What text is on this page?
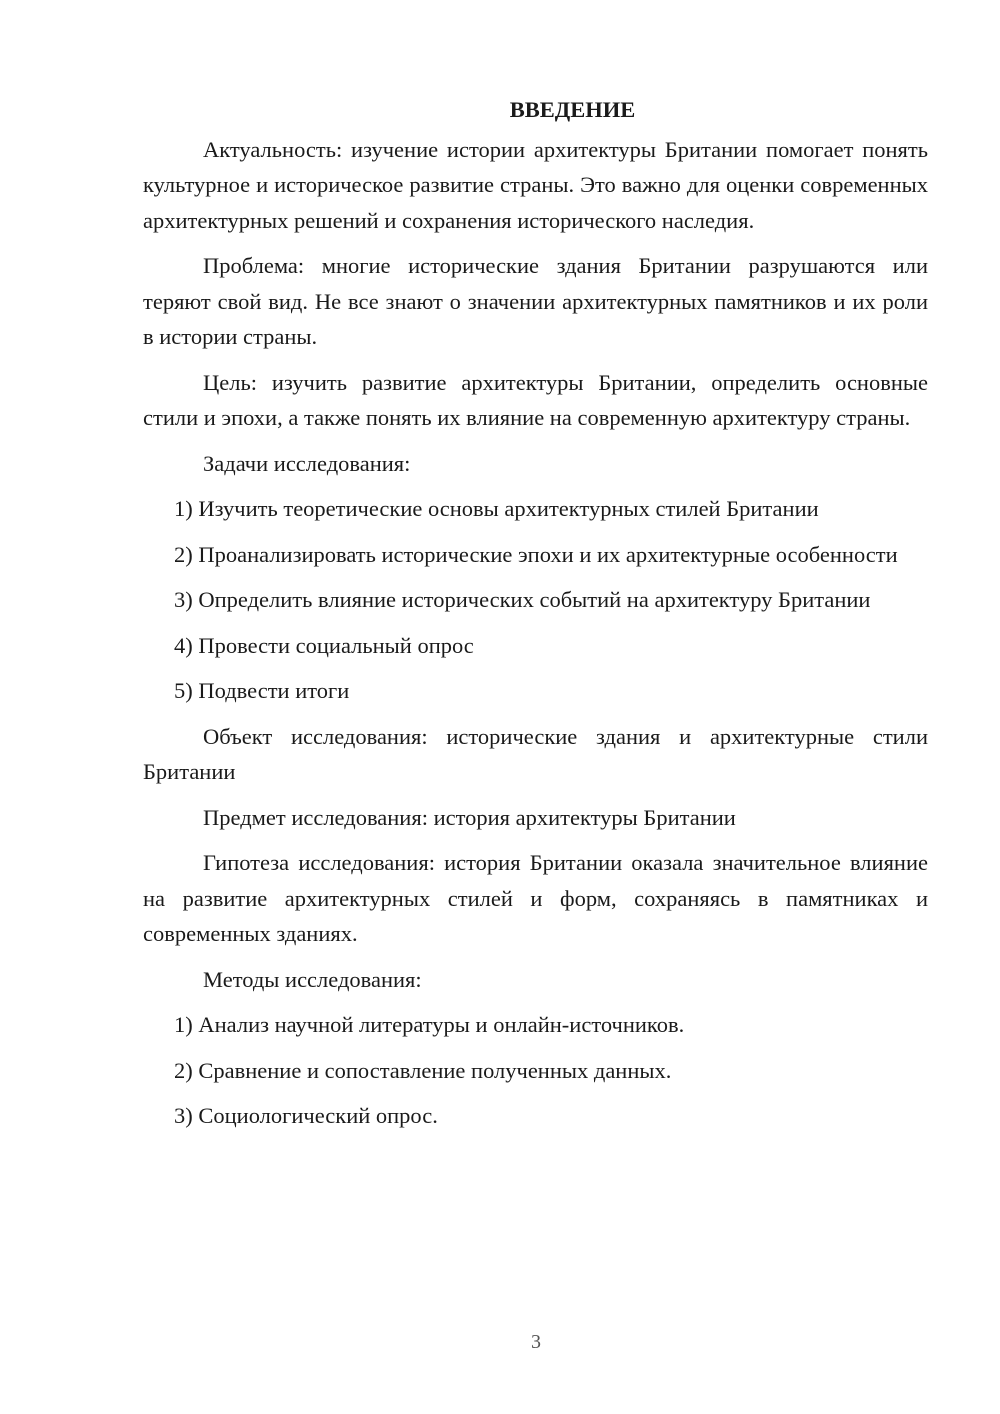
ВВЕДЕНИЕ

Актуальность: изучение истории архитектуры Британии помогает понять культурное и историческое развитие страны. Это важно для оценки современных архитектурных решений и сохранения исторического наследия.

Проблема: многие исторические здания Британии разрушаются или теряют свой вид. Не все знают о значении архитектурных памятников и их роли в истории страны.

Цель: изучить развитие архитектуры Британии, определить основные стили и эпохи, а также понять их влияние на современную архитектуру страны.

Задачи исследования:

1) Изучить теоретические основы архитектурных стилей Британии

2) Проанализировать исторические эпохи и их архитектурные особенности

3) Определить влияние исторических событий на архитектуру Британии

4) Провести социальный опрос

5) Подвести итоги

Объект исследования: исторические здания и архитектурные стили Британии

Предмет исследования: история архитектуры Британии

Гипотеза исследования: история Британии оказала значительное влияние на развитие архитектурных стилей и форм, сохраняясь в памятниках и современных зданиях.

Методы исследования:

1) Анализ научной литературы и онлайн-источников.

2) Сравнение и сопоставление полученных данных.

3) Социологический опрос.

3
